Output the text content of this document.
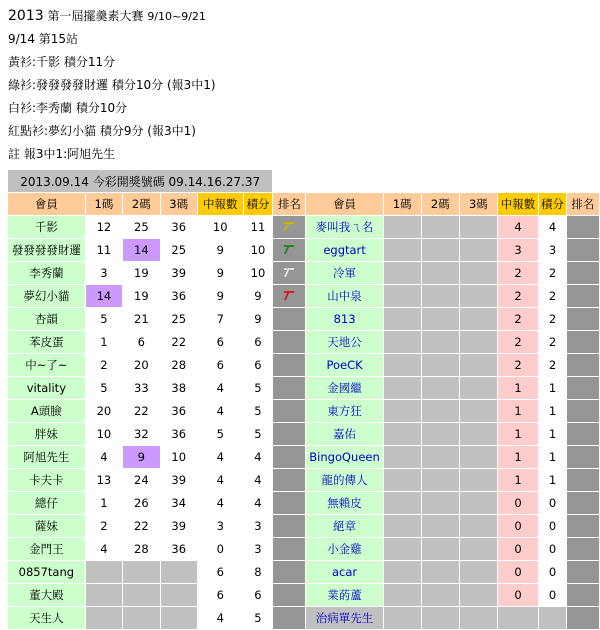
2013 第一屆擺羹素大賽 9/10~9/21
9/14 第15站
黃衫:千影 積分11分
綠衫:發發發發財邏 積分10分 (報3中1)
白衫:李秀蘭 積分10分
紅點衫:夢幻小貓 積分9分 (報3中1)
註 報3中1:阿旭先生
2013.09.14 今彩開獎號碼 09.14.16.27.37													
會員	1碼	2碼	3碼	中報數	積分	排名	會員	1碼	2碼	3碼	中報數	積分	排名
千影	12	25	36	10	11		麥叫我ㄟ名				4	4	
發發發發財邏	11	14	25	9	10		eggtart				3	3	
李秀蘭	3	19	39	9	10		冷軍				2	2	
夢幻小貓	14	19	36	9	9		山中泉				2	2	
杏韻	5	21	25	7	9		813				2	2	
苯皮蛋	1	6	22	6	6		天地公				2	2	
中~了~	2	20	28	6	6		PoeCK				2	2	
vitality	5	33	38	4	5		金國繼				1	1	
A頭臉	20	22	36	4	5		東方狂				1	1	
胖妹	10	32	36	5	5		嘉佑				1	1	
阿旭先生	4	9	10	4	4		BingoQueen				1	1	
卡夫卡	13	24	39	4	4		龍的傳人				1	1	
總仔	1	26	34	4	4		無賴皮				0	0	
薩妹	2	22	39	3	3		絕章				0	0	
金門王	4	28	36	0	3		小金雞				0	0	
0857tang				6	8		acar				0	0	
董大殿				6	6		業菂蘆				0	0	
天生人				4	5		治病單先生						
